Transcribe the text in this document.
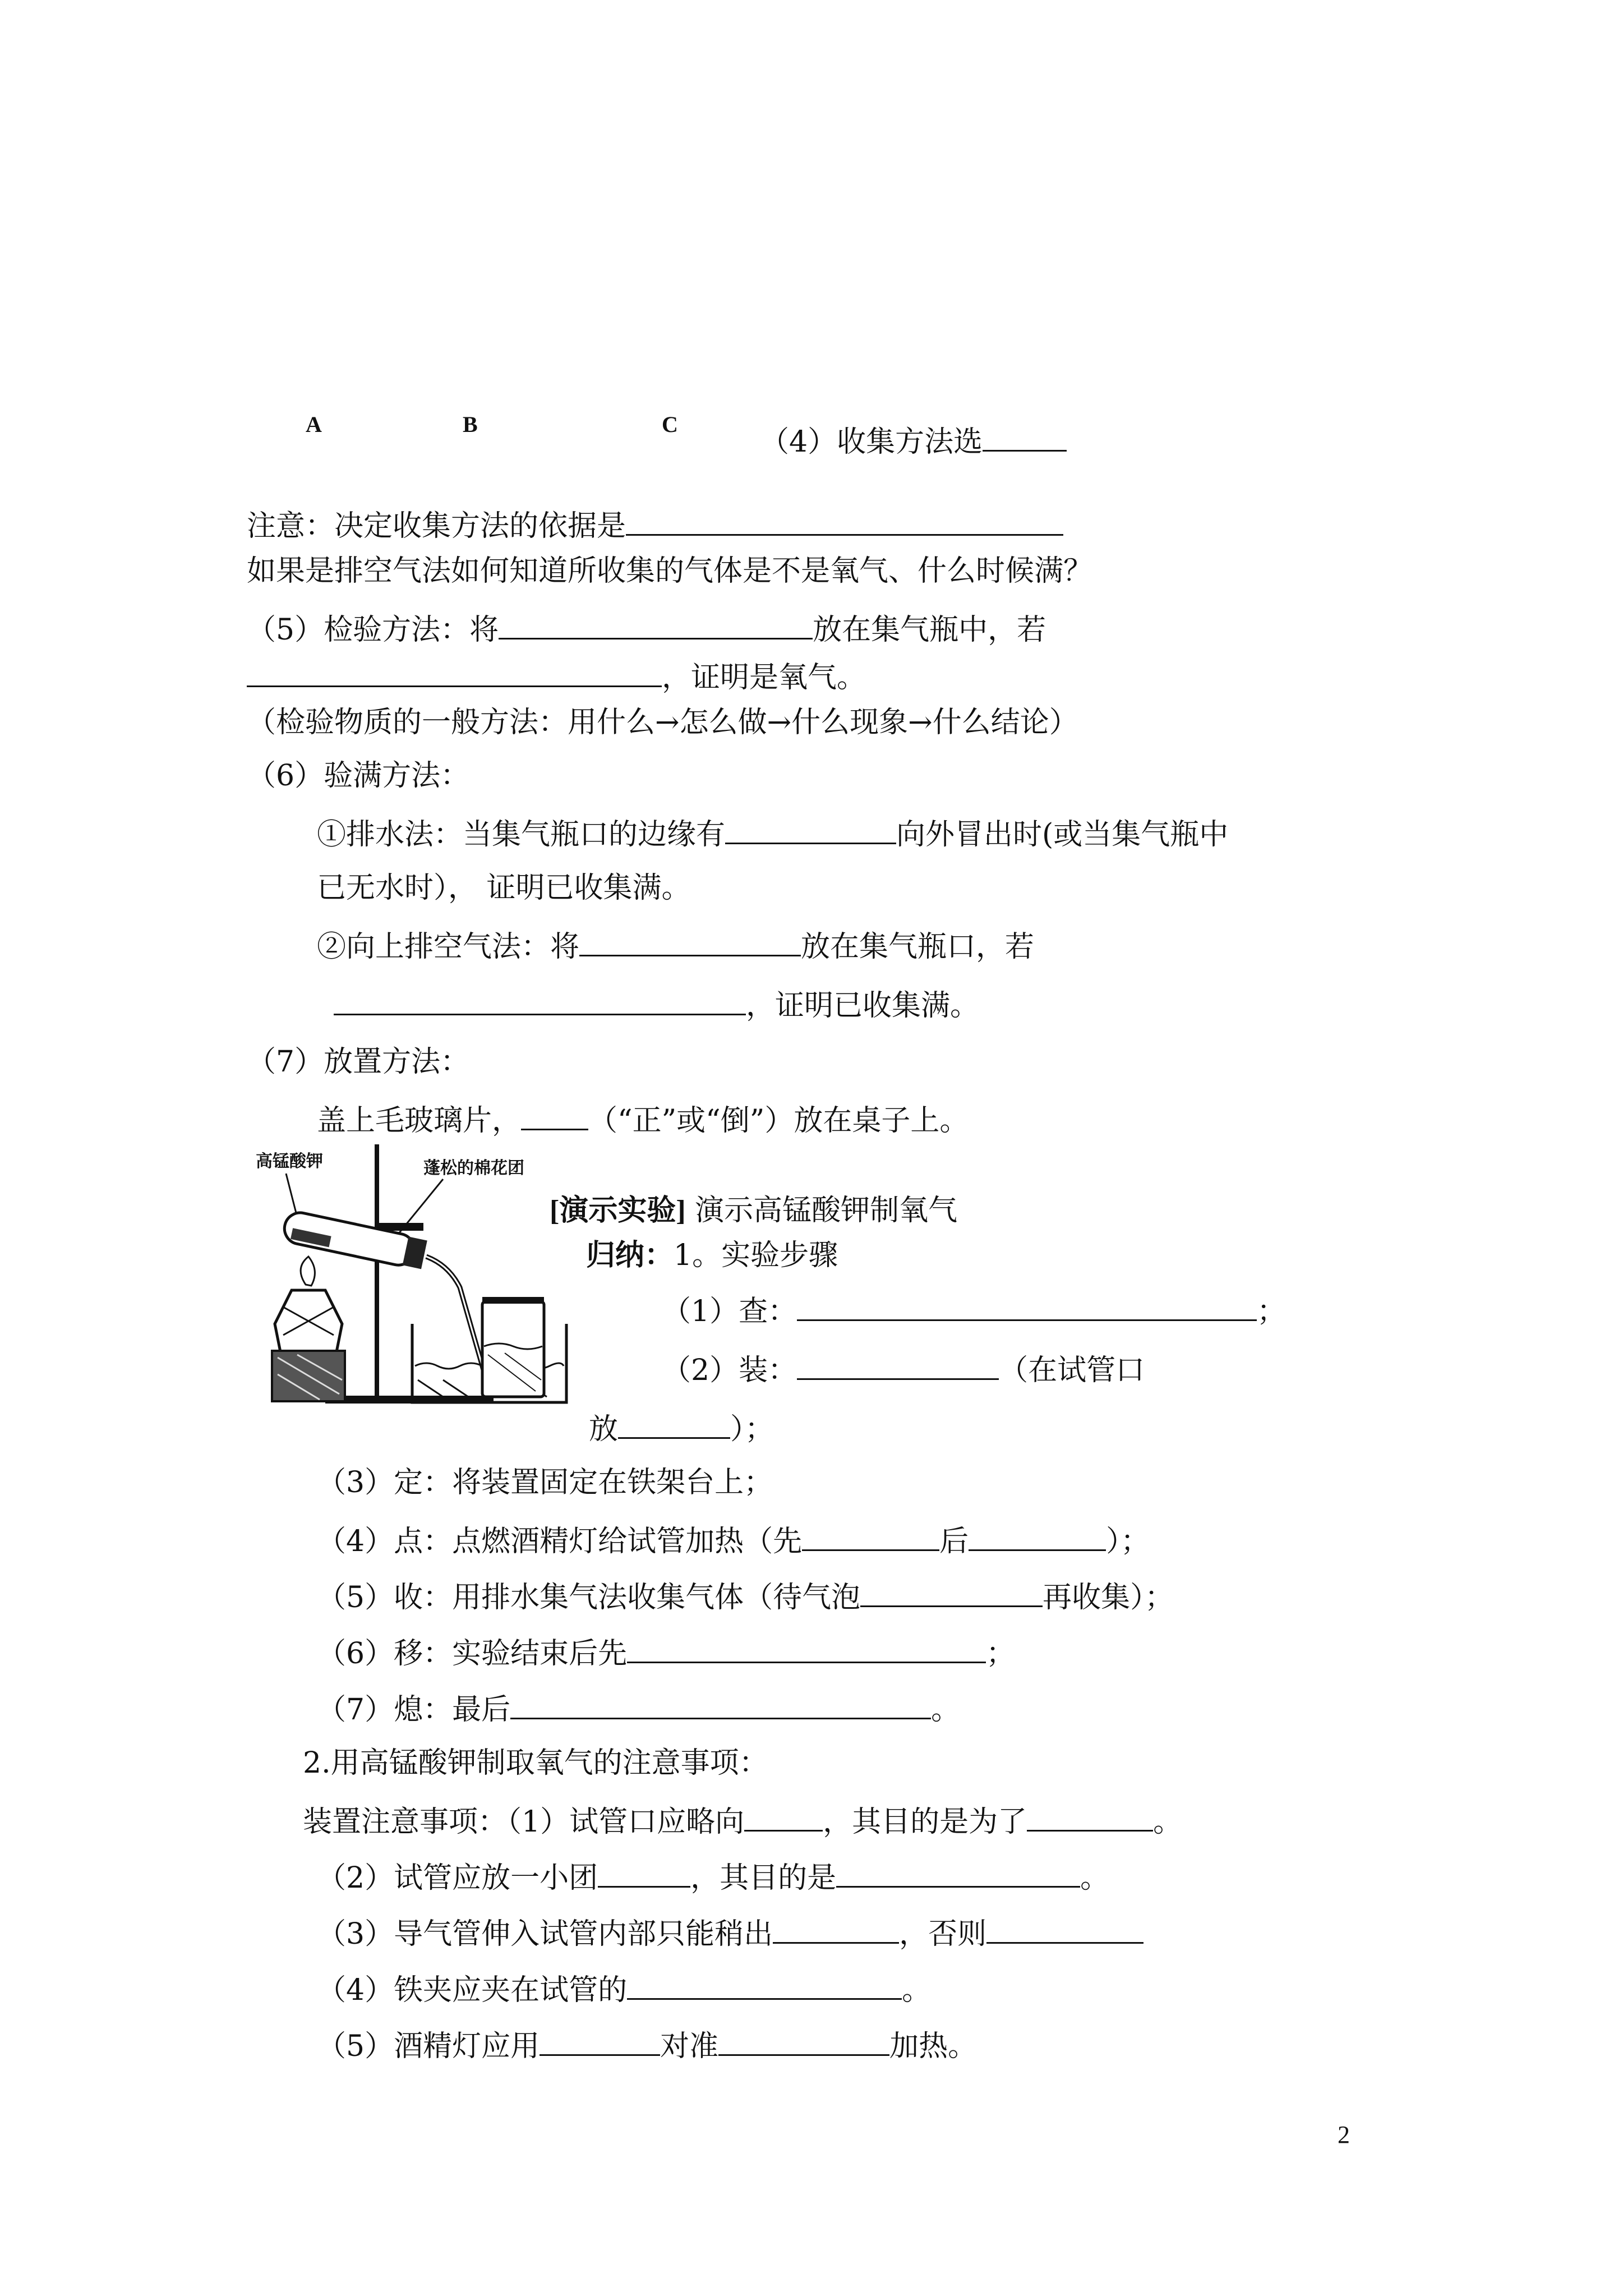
A	B	C
（4）收集方法选
注意：决定收集方法的依据是
如果是排空气法如何知道所收集的气体是不是氧气、什么时候满？
（5）检验方法：将	放在集气瓶中，若
，证明是氧气。
（检验物质的一般方法：用什么→怎么做→什么现象→什么结论）
（6）验满方法：
①排水法：当集气瓶口的边缘有	向外冒出时(或当集气瓶中
已无水时）， 证明已收集满。
②向上排空气法：将	放在集气瓶口，若
，证明已收集满。
（7）放置方法：
盖上毛玻璃片， （“正”或“倒”）放在桌子上。
高锰酸钾	蓬松的棉花团
[演示实验] 演示高锰酸钾制氧气
归纳：1。实验步骤
（1）查：	；
（2）装：	（在试管口
放	）；
（3）定：将装置固定在铁架台上；
（4）点：点燃酒精灯给试管加热（先	后	）；
（5）收：用排水集气法收集气体（待气泡	再收集）；
（6）移：实验结束后先	；
（7）熄：最后	。
2.用高锰酸钾制取氧气的注意事项：
装置注意事项：（1）试管口应略向	，其目的是为了	。
（2）试管应放一小团	，其目的是	。
（3）导气管伸入试管内部只能稍出	，否则
（4）铁夹应夹在试管的	。
（5）酒精灯应用	对准	加热。
2
